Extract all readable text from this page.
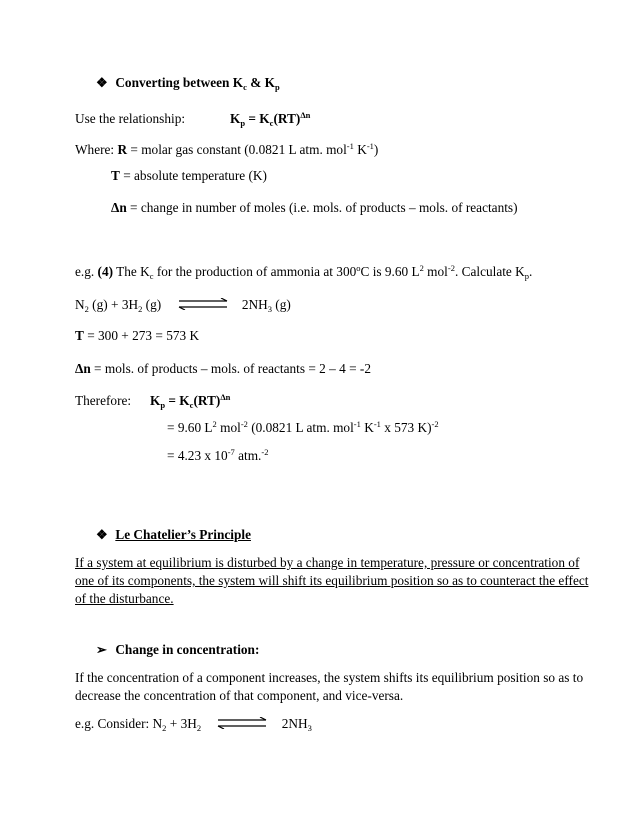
❖ Converting between $K_c$ & $K_p$
Use the relationship:	$K_p = K_c(RT)^{\Delta n}$
Where: R = molar gas constant (0.0821 L atm. mol$^{-1}$ $K^{-1}$)
T = absolute temperature (K)
Δn = change in number of moles (i.e. mols. of products – mols. of reactants)
e.g. (4) The $K_c$ for the production of ammonia at 300$^o$C is 9.60 $L^2$ mol$^{-2}$. Calculate $K_p$.
$N_2$ $(g) + 3H_2$ (g) ⇌ $2NH_3$ (g)
T = 300 + 273 = 573 K
Δn = mols. of products – mols. of reactants = 2 – 4 = -2
Therefore: $K_p = K_c(RT)^{\Delta n}$
= 9.60 $L^2$ mol$^{-2}$ (0.0821 L atm. mol$^{-1}$ $K^{-1}$ x 573 K)$^{-2}$
= 4.23 x $10^{-7}$ atm.$^{-2}$
❖ Le Chatelier’s Principle
If a system at equilibrium is disturbed by a change in temperature, pressure or concentration of
one of its components, the system will shift its equilibrium position so as to counteract the effect
of the disturbance.
➢ Change in concentration:
If the concentration of a component increases, the system shifts its equilibrium position so as to
decrease the concentration of that component, and vice-versa.
e.g. Consider: $N_2 + 3H_2$ ⇌ $2NH_3$
